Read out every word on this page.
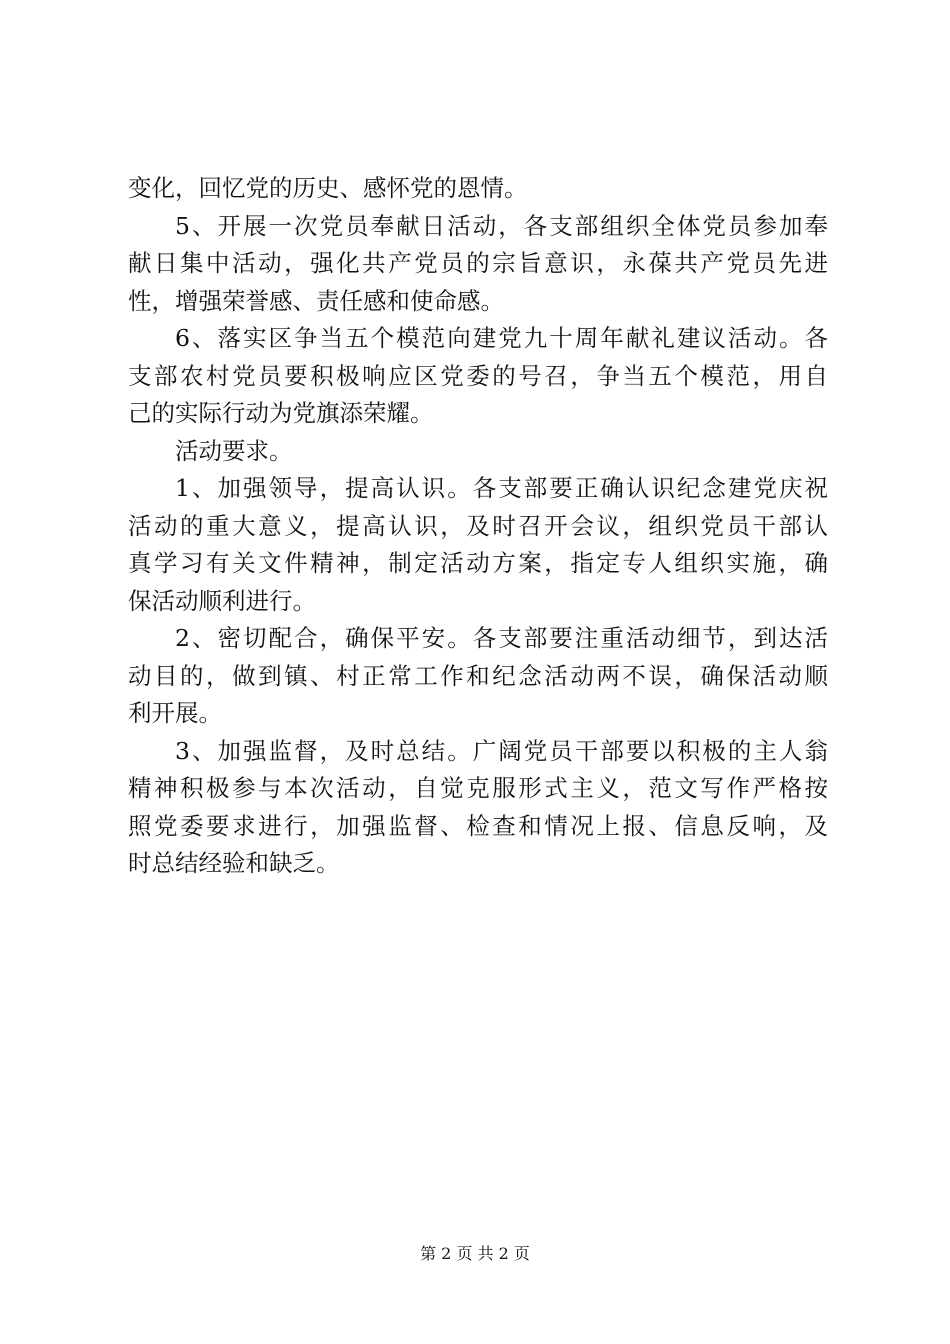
变化，回忆党的历史、感怀党的恩情。
5、开展一次党员奉献日活动，各支部组织全体党员参加奉
献日集中活动，强化共产党员的宗旨意识，永葆共产党员先进
性，增强荣誉感、责任感和使命感。
6、落实区争当五个模范向建党九十周年献礼建议活动。各
支部农村党员要积极响应区党委的号召，争当五个模范，用自
己的实际行动为党旗添荣耀。
活动要求。
1、加强领导，提高认识。各支部要正确认识纪念建党庆祝
活动的重大意义，提高认识，及时召开会议，组织党员干部认
真学习有关文件精神，制定活动方案，指定专人组织实施，确
保活动顺利进行。
2、密切配合，确保平安。各支部要注重活动细节，到达活
动目的，做到镇、村正常工作和纪念活动两不误，确保活动顺
利开展。
3、加强监督，及时总结。广阔党员干部要以积极的主人翁
精神积极参与本次活动，自觉克服形式主义，范文写作严格按
照党委要求进行，加强监督、检查和情况上报、信息反响，及
时总结经验和缺乏。
第 2 页 共 2 页
